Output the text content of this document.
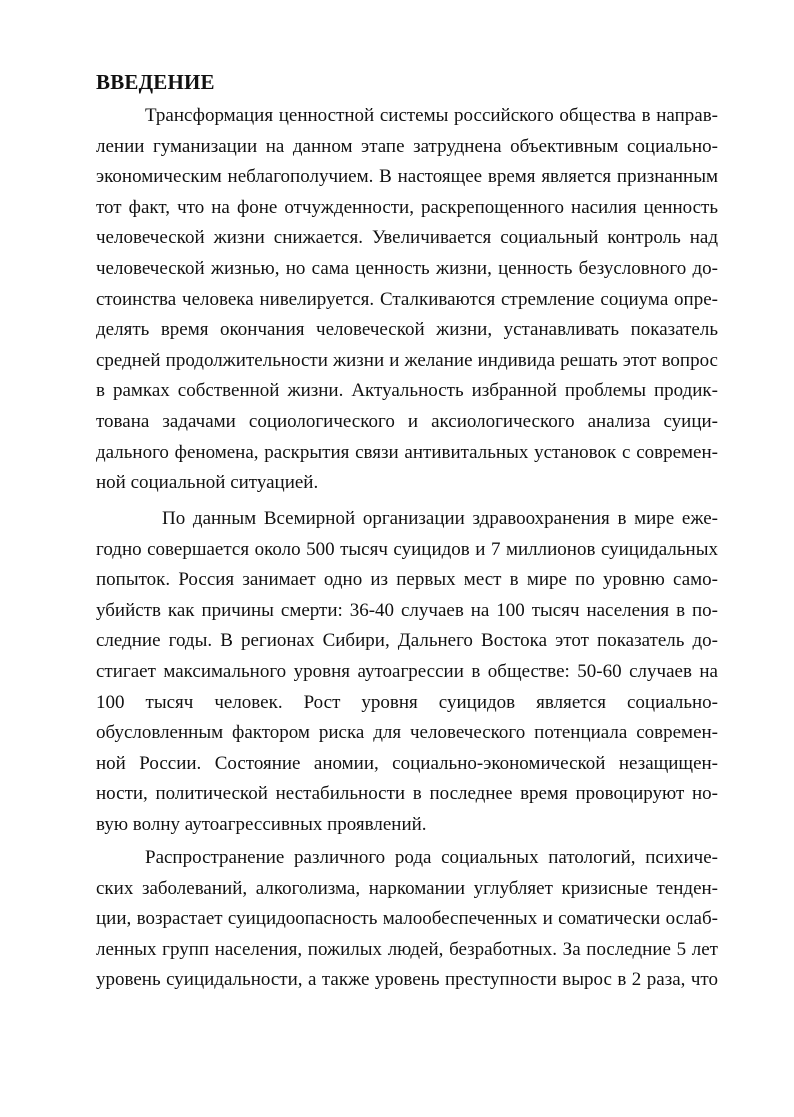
ВВЕДЕНИЕ
Трансформация ценностной системы российского общества в направ-
лении гуманизации на данном этапе затруднена объективным социально-
экономическим неблагополучием. В настоящее время является признанным
тот факт, что на фоне отчужденности, раскрепощенного насилия ценность
человеческой жизни снижается. Увеличивается социальный контроль над
человеческой жизнью, но сама ценность жизни, ценность безусловного до-
стоинства человека нивелируется. Сталкиваются стремление социума опре-
делять время окончания человеческой жизни, устанавливать показатель
средней продолжительности жизни и желание индивида решать этот вопрос
в рамках собственной жизни. Актуальность избранной проблемы продик-
тована задачами социологического и аксиологического анализа суици-
дального феномена, раскрытия связи антивитальных установок с современ-
ной социальной ситуацией.
По данным Всемирной организации здравоохранения в мире еже-
годно совершается около 500 тысяч суицидов и 7 миллионов суицидальных
попыток. Россия занимает одно из первых мест в мире по уровню само-
убийств как причины смерти: 36-40 случаев на 100 тысяч населения в по-
следние годы. В регионах Сибири, Дальнего Востока этот показатель до-
стигает максимального уровня аутоагрессии в обществе: 50-60 случаев на
100 тысяч человек. Рост уровня суицидов является социально-
обусловленным фактором риска для человеческого потенциала современ-
ной России. Состояние аномии, социально-экономической незащищен-
ности, политической нестабильности в последнее время провоцируют но-
вую волну аутоагрессивных проявлений.
Распространение различного рода социальных патологий, психиче-
ских заболеваний, алкоголизма, наркомании углубляет кризисные тенден-
ции, возрастает суицидоопасность малообеспеченных и соматически ослаб-
ленных групп населения, пожилых людей, безработных. За последние 5 лет
уровень суицидальности, а также уровень преступности вырос в 2 раза, что
